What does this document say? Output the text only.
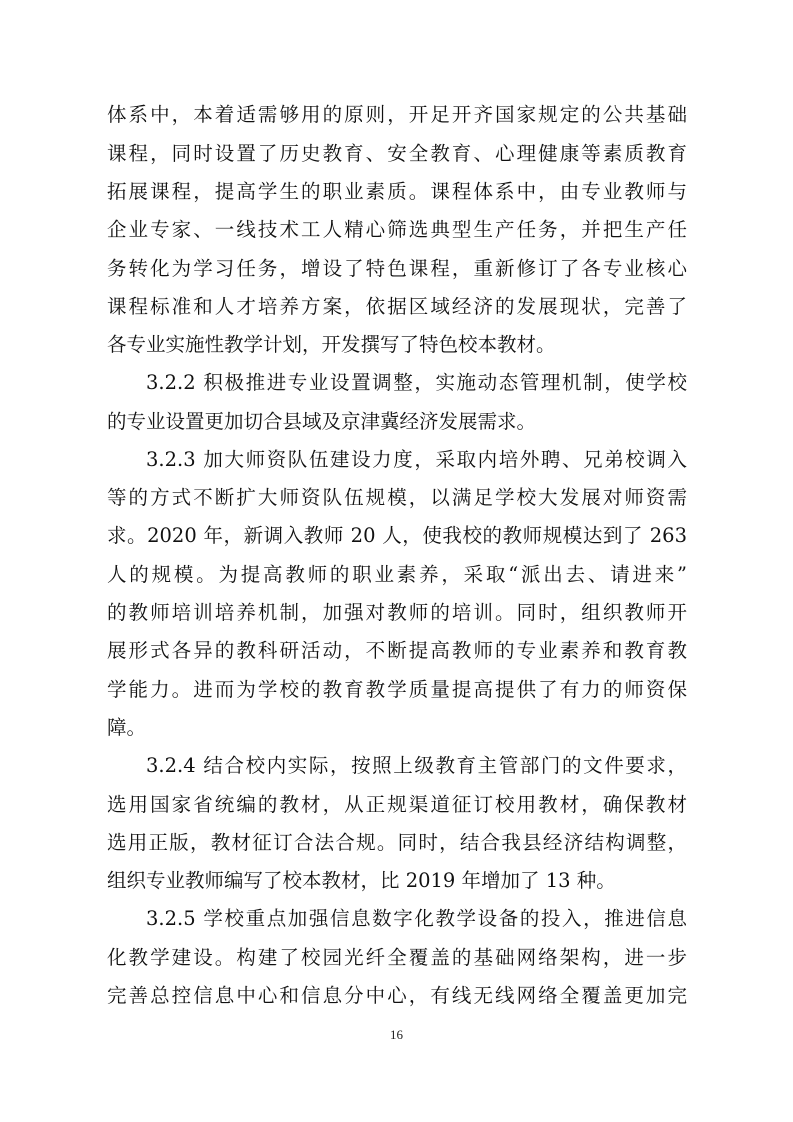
体系中，本着适需够用的原则，开足开齐国家规定的公共基础
课程，同时设置了历史教育、安全教育、心理健康等素质教育
拓展课程，提高学生的职业素质。课程体系中，由专业教师与
企业专家、一线技术工人精心筛选典型生产任务，并把生产任
务转化为学习任务，增设了特色课程，重新修订了各专业核心
课程标准和人才培养方案，依据区域经济的发展现状，完善了
各专业实施性教学计划，开发撰写了特色校本教材。
3.2.2 积极推进专业设置调整，实施动态管理机制，使学校
的专业设置更加切合县域及京津冀经济发展需求。
3.2.3 加大师资队伍建设力度，采取内培外聘、兄弟校调入
等的方式不断扩大师资队伍规模，以满足学校大发展对师资需
求。2020 年，新调入教师 20 人，使我校的教师规模达到了 263
人的规模。为提高教师的职业素养，采取“派出去、请进来”
的教师培训培养机制，加强对教师的培训。同时，组织教师开
展形式各异的教科研活动，不断提高教师的专业素养和教育教
学能力。进而为学校的教育教学质量提高提供了有力的师资保
障。
3.2.4 结合校内实际，按照上级教育主管部门的文件要求，
选用国家省统编的教材，从正规渠道征订校用教材，确保教材
选用正版，教材征订合法合规。同时，结合我县经济结构调整，
组织专业教师编写了校本教材，比 2019 年增加了 13 种。
3.2.5 学校重点加强信息数字化教学设备的投入，推进信息
化教学建设。构建了校园光纤全覆盖的基础网络架构，进一步
完善总控信息中心和信息分中心，有线无线网络全覆盖更加完
16
